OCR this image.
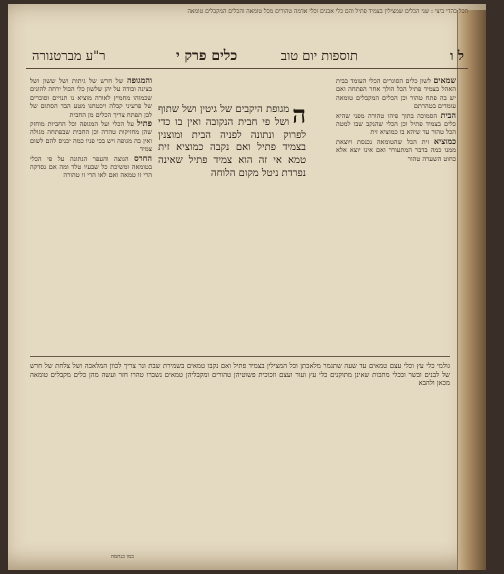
הכל כהדי ביצי : שני הכלים שמצילין בצמיד פתיל והם כלי אבנים וכלי אדמה טהורים מכל טומאה והכלים המקבלים טומאה
ל ו
תוספות יום טוב
כלים פרק י
ר"ע מברטנורה

שמאים לשון כלים הסוגרים הכלי העומד בבית האהל בצמיד פתיל הכל הולך אחר הפתחה ואם יש בה פתח טהור וכן הכלים המקבלים טומאה עומדים בטהרתם

הבית הסמוכה בתוך פיהו טהורה מפני שהיא כלים בצמיד פתיל וכן הכלי שהנקב שבו למטה הכל טהור עד שיהא בו כמוציא זית

כמוציא זית הכל שהטומאה נכנסת ויוצאת ממנו כמה בדבר המתעורר ואם אינו יוצא אלא כחוט השערה טהור

ה
מגופת היקבים של גיטין ושל שתוף ושל פי חבית הנקובה ואין בו כדי לפרוק ונתונה לפניה הבית ומוצנין בצמיד פתיל ואם נקבה כמוציא זית טמא אי זה הוא צמיד פתיל שאינה נפרדת ניטל מקום הלוחה

והמגופה של חרש של גיתות ושל ששון ושל בצינה ובודה על יהן שלשון כלי הכול ירחה להונים שכמוהו מחמיץ לאורה מוציא נו תנויים וסוכרים של פרעיני קבלה ויכטחנו מטע הבד הסתום של לבן תפתח צריך הכלים מן החבית

פתיל על הכלי ועל המגופה וכל החביות מוחזק שהן מחזיקות טהרה וכן החבית שבפתחה מגולה ואין בה מגופה ויש בכי פניו כמה יכניס להם לשום צמיד

החרס הגוצה והעפר הנתונה על פי הכלי בטומאה ומשיכת כל שבעיו טלד ומה אם נסדקה הרי זו טמאה ואם לאו הרי זו טהורה

גולמי כלי עץ וכלי עצם טמאים עד שעה שתגמר מלאכתן וכל המצילין בצמיד פתיל ואם נקבו טמאים בשמירת שבת ונר צריך לכוון המלאכה ושל צלחת של חרש של לבנים ובשר ובכלי מתכות שאינן מתוקנים כלי עץ ועור ועצם וזכוכית פשוטיהן טהורים ומקבליהן טמאים נשברו טהרו חזר ועשה מהן כלים מקבלים טומאה מכאן ולהבא
כמו כנחמה
